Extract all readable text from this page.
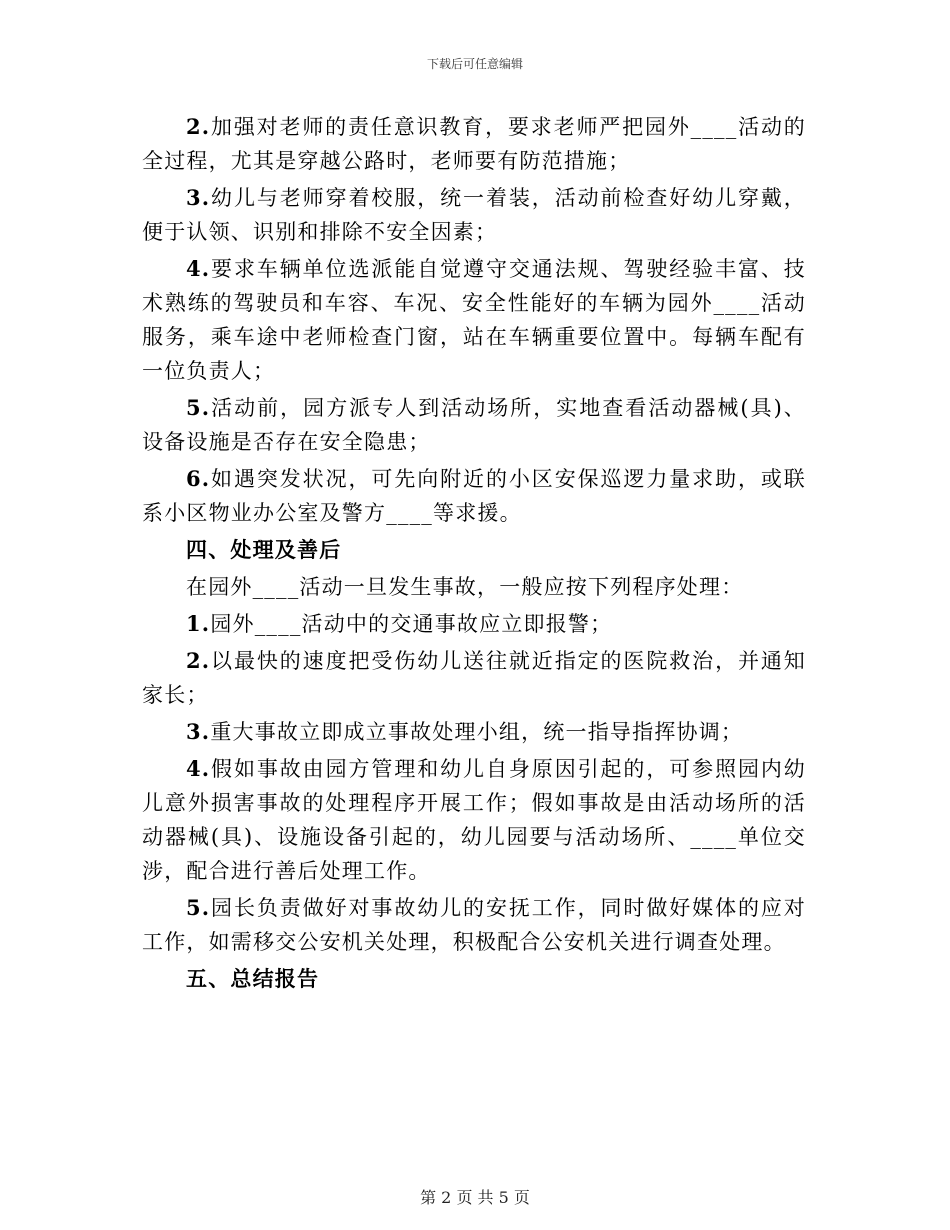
下载后可任意编辑

2.加强对老师的责任意识教育，要求老师严把园外____活动的全过程，尤其是穿越公路时，老师要有防范措施；

3.幼儿与老师穿着校服，统一着装，活动前检查好幼儿穿戴，便于认领、识别和排除不安全因素；

4.要求车辆单位选派能自觉遵守交通法规、驾驶经验丰富、技术熟练的驾驶员和车容、车况、安全性能好的车辆为园外____活动服务，乘车途中老师检查门窗，站在车辆重要位置中。每辆车配有一位负责人；

5.活动前，园方派专人到活动场所，实地查看活动器械(具)、设备设施是否存在安全隐患；

6.如遇突发状况，可先向附近的小区安保巡逻力量求助，或联系小区物业办公室及警方____等求援。

四、处理及善后

在园外____活动一旦发生事故，一般应按下列程序处理：

1.园外____活动中的交通事故应立即报警；

2.以最快的速度把受伤幼儿送往就近指定的医院救治，并通知家长；

3.重大事故立即成立事故处理小组，统一指导指挥协调；

4.假如事故由园方管理和幼儿自身原因引起的，可参照园内幼儿意外损害事故的处理程序开展工作；假如事故是由活动场所的活动器械(具)、设施设备引起的，幼儿园要与活动场所、____单位交涉，配合进行善后处理工作。

5.园长负责做好对事故幼儿的安抚工作，同时做好媒体的应对工作，如需移交公安机关处理，积极配合公安机关进行调查处理。

五、总结报告

第 2 页 共 5 页
